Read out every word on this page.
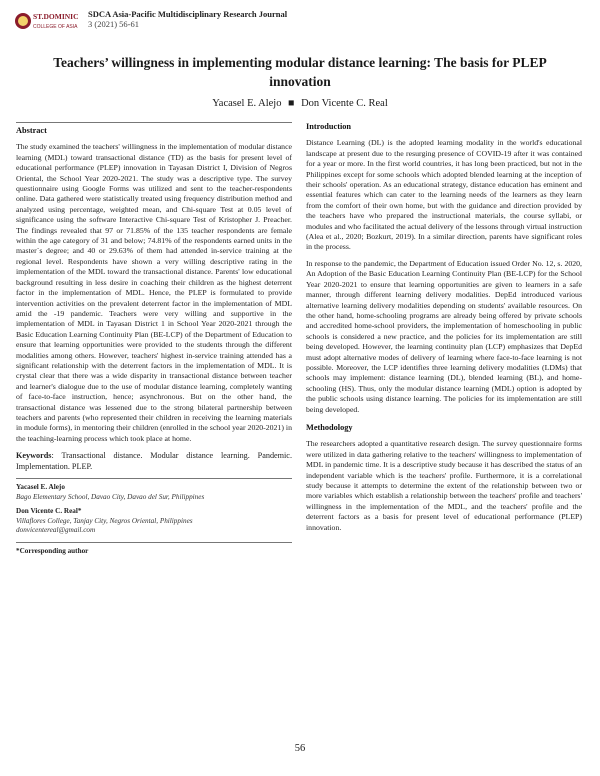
ST.DOMINIC
COLLEGE OF ASIA
SDCA Asia-Pacific Multidisciplinary Research Journal
3 (2021) 56-61
Teachers’ willingness in implementing modular distance learning: The basis for PLEP innovation
Yacasel E. Alejo ■ Don Vicente C. Real
Abstract

The study examined the teachers' willingness in the implementation of modular distance learning (MDL) toward transactional distance (TD) as the basis for present level of educational performance (PLEP) innovation in Tayasan District I, Division of Negros Oriental, the School Year 2020-2021. The study was a descriptive type. The survey questionnaire using Google Forms was utilized and sent to the teacher-respondents online. Data gathered were statistically treated using frequency distribution method and analyzed using percentage, weighted mean, and Chi-square Test at 0.05 level of significance using the software Interactive Chi-square Test of Kristopher J. Preacher. The findings revealed that 97 or 71.85% of the 135 teacher respondents are female within the age category of 31 and below; 74.81% of the respondents earned units in the master´s degree; and 40 or 29.63% of them had attended in-service training at the regional level. Respondents have shown a very willing descriptive rating in the implementation of the MDL toward the transactional distance. Parents' low educational background resulting in less desire in coaching their children as the highest deterrent factor in the implementation of MDL. Hence, the PLEP is formulated to provide intervention activities on the prevalent deterrent factor in the implementation of MDL amid the -19 pandemic. Teachers were very willing and supportive in the implementation of MDL in Tayasan District 1 in School Year 2020-2021 through the Basic Education Learning Continuity Plan (BE-LCP) of the Department of Education to ensure that learning opportunities were provided to the students through the different modalities among others. However, teachers' highest in-service training attended has a significant relationship with the deterrent factors in the implementation of MDL. It is crystal clear that there was a wide disparity in transactional distance between teacher and learner's dialogue due to the use of modular distance learning, completely wanting of face-to-face instruction, hence; asynchronous. But on the other hand, the transactional distance was lessened due to the strong bilateral partnership between teachers and parents (who represented their children in receiving the learning materials in module forms), in mentoring their children (enrolled in the school year 2020-2021) in the teaching-learning process which took place at home.

Keywords: Transactional distance. Modular distance learning. Pandemic. Implementation. PLEP.
Yacasel E. Alejo
Bago Elementary School, Davao City, Davao del Sur, Philippines
Don Vicente C. Real*
Villaflores College, Tanjay City, Negros Oriental, Philippines
donvicentereal@gmail.com
*Corresponding author
Introduction

Distance Learning (DL) is the adopted learning modality in the world's educational landscape at present due to the resurging presence of COVID-19 after it was contained for a year or more. In the first world countries, it has long been practiced, but not in the Philippines except for some schools which adopted blended learning at the inception of their schools' operation. As an educational strategy, distance education has eminent and essential features which can cater to the learning needs of the learners as they learn from the comfort of their own home, but with the guidance and direction provided by the teachers have who prepared the instructional materials, the course syllabi, or modules and who facilitated the actual delivery of the lessons through virtual instruction (Alea et al., 2020; Bozkurt, 2019). In a similar direction, parents have significant roles in the process.

In response to the pandemic, the Department of Education issued Order No. 12, s. 2020, An Adoption of the Basic Education Learning Continuity Plan (BE-LCP) for the School Year 2020-2021 to ensure that learning opportunities are given to learners in a safe manner, through different learning delivery modalities. DepEd introduced various alternative learning delivery modalities depending on students' available resources. On the other hand, home-schooling programs are already being offered by private schools and accredited home-school providers, the implementation of homeschooling in public schools is considered a new practice, and the policies for its implementation are still being developed. However, the learning continuity plan (LCP) emphasizes that DepEd must adopt alternative modes of delivery of learning where face-to-face learning is not possible. Moreover, the LCP identifies three learning delivery modalities (LDMs) that schools may implement: distance learning (DL), blended learning (BL), and home-schooling (HS). Thus, only the modular distance learning (MDL) option is adopted by the public schools using distance learning. The policies for its implementation are still being developed.

Methodology

The researchers adopted a quantitative research design. The survey questionnaire forms were utilized in data gathering relative to the teachers' willingness to implementation of MDL in pandemic time. It is a descriptive study because it has described the status of an independent variable which is the teachers' profile. Furthermore, it is a correlational study because it attempts to determine the extent of the relationship between two or more variables which establish a relationship between the teachers' profile and teachers' willingness in the implementation of the MDL, and the teachers' profile and the deterrent factors as a basis for present level of educational performance (PLEP) innovation.

56
